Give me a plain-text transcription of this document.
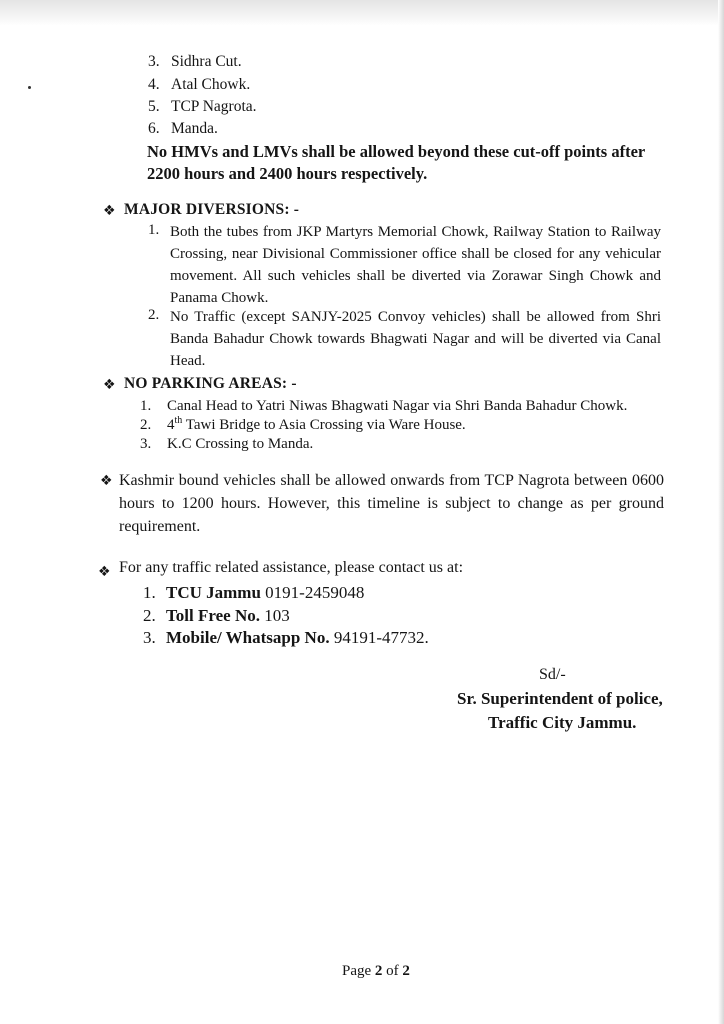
3. Sidhra Cut.
4. Atal Chowk.
5. TCP Nagrota.
6. Manda.
No HMVs and LMVs shall be allowed beyond these cut-off points after
2200 hours and 2400 hours respectively.
❖ MAJOR DIVERSIONS: -
1. Both the tubes from JKP Martyrs Memorial Chowk, Railway Station to Railway Crossing, near Divisional Commissioner office shall be closed for any vehicular movement. All such vehicles shall be diverted via Zorawar Singh Chowk and Panama Chowk.
2. No Traffic (except SANJY-2025 Convoy vehicles) shall be allowed from Shri Banda Bahadur Chowk towards Bhagwati Nagar and will be diverted via Canal Head.
❖ NO PARKING AREAS: -
1. Canal Head to Yatri Niwas Bhagwati Nagar via Shri Banda Bahadur Chowk.
2. 4th Tawi Bridge to Asia Crossing via Ware House.
3. K.C Crossing to Manda.
❖ Kashmir bound vehicles shall be allowed onwards from TCP Nagrota between 0600 hours to 1200 hours. However, this timeline is subject to change as per ground requirement.
❖ For any traffic related assistance, please contact us at:
1. TCU Jammu 0191-2459048
2. Toll Free No. 103
3. Mobile/ Whatsapp No. 94191-47732.
Sd/-
Sr. Superintendent of police,
Traffic City Jammu.
Page 2 of 2
